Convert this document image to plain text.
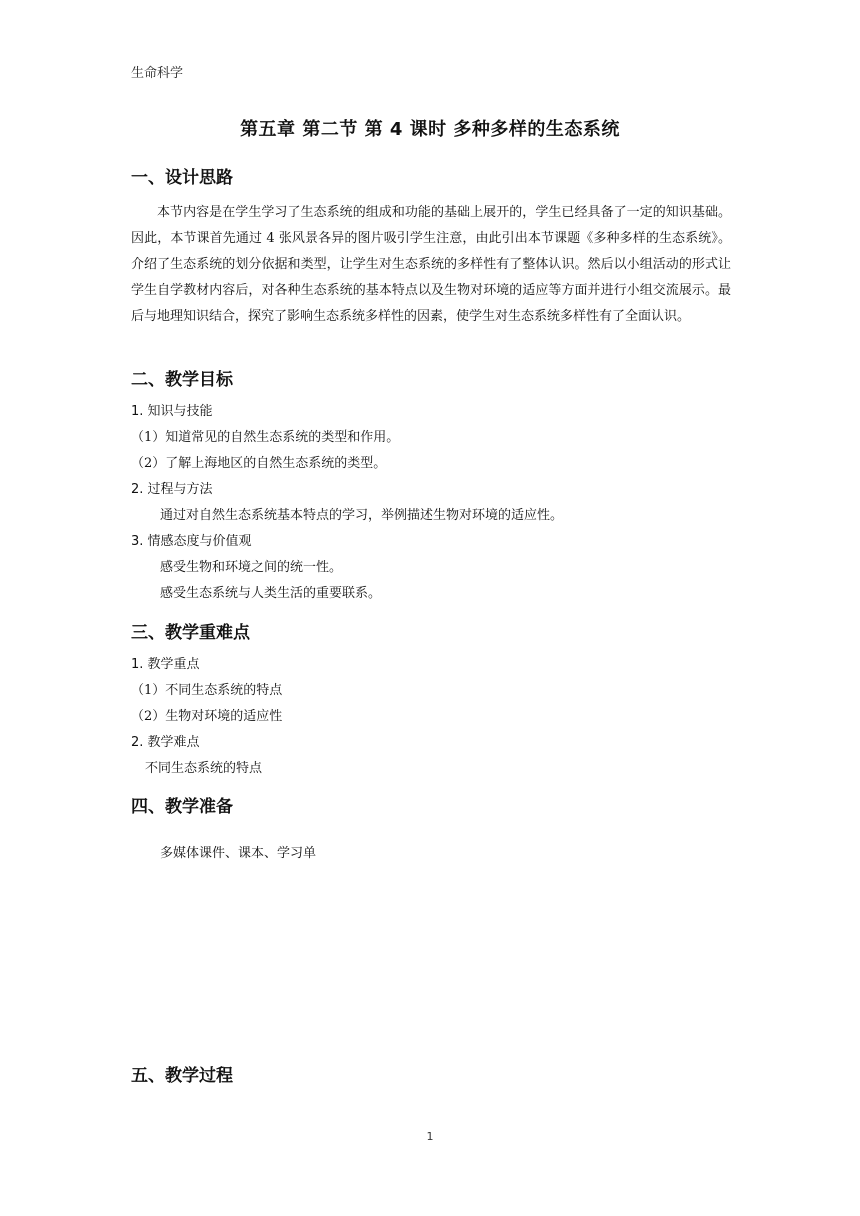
生命科学
第五章 第二节 第 4 课时 多种多样的生态系统
一、设计思路
本节内容是在学生学习了生态系统的组成和功能的基础上展开的，学生已经具备了一定的知识基础。因此，本节课首先通过 4 张风景各异的图片吸引学生注意，由此引出本节课题《多种多样的生态系统》。介绍了生态系统的划分依据和类型，让学生对生态系统的多样性有了整体认识。然后以小组活动的形式让学生自学教材内容后，对各种生态系统的基本特点以及生物对环境的适应等方面并进行小组交流展示。最后与地理知识结合，探究了影响生态系统多样性的因素，使学生对生态系统多样性有了全面认识。
二、教学目标
1. 知识与技能
（1）知道常见的自然生态系统的类型和作用。
（2）了解上海地区的自然生态系统的类型。
2. 过程与方法
通过对自然生态系统基本特点的学习，举例描述生物对环境的适应性。
3. 情感态度与价值观
感受生物和环境之间的统一性。
感受生态系统与人类生活的重要联系。
三、教学重难点
1. 教学重点
（1）不同生态系统的特点
（2）生物对环境的适应性
2. 教学难点
不同生态系统的特点
四、教学准备
多媒体课件、课本、学习单
五、教学过程
1
